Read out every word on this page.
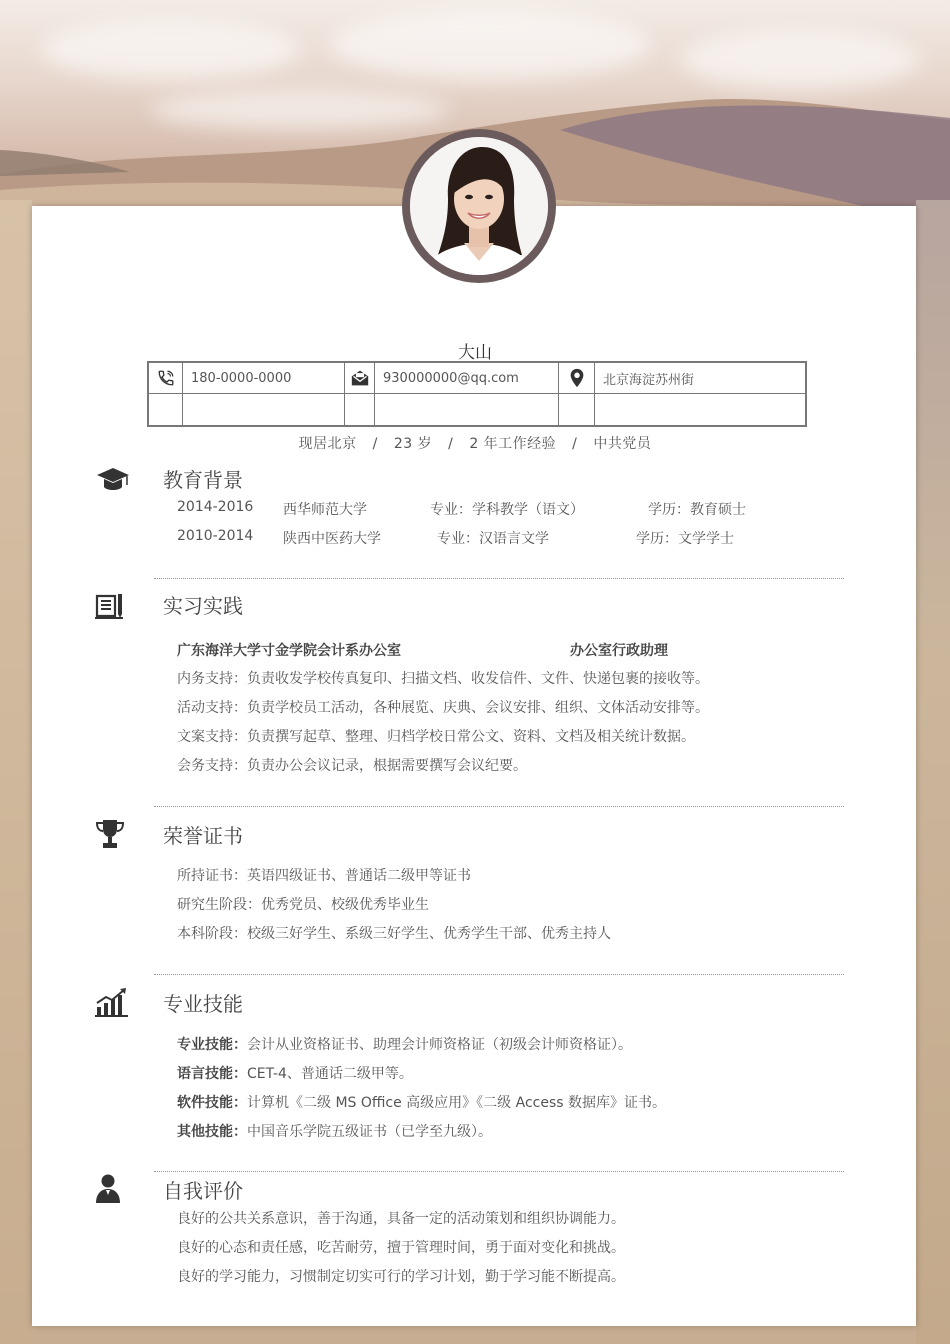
大山
180-0000-0000	930000000@qq.com	北京海淀苏州街
现居北京 / 23 岁 / 2 年工作经验 / 中共党员
教育背景
2014-2016 西华师范大学	专业：学科教学（语文）	学历：教育硕士
2010-2014 陕西中医药大学	专业：汉语言文学	学历：文学学士
实习实践
广东海洋大学寸金学院会计系办公室	办公室行政助理
内务支持：负责收发学校传真复印、扫描文档、收发信件、文件、快递包裹的接收等。
活动支持：负责学校员工活动，各种展览、庆典、会议安排、组织、文体活动安排等。
文案支持：负责撰写起草、整理、归档学校日常公文、资料、文档及相关统计数据。
会务支持：负责办公会议记录，根据需要撰写会议纪要。
荣誉证书
所持证书：英语四级证书、普通话二级甲等证书
研究生阶段：优秀党员、校级优秀毕业生
本科阶段：校级三好学生、系级三好学生、优秀学生干部、优秀主持人
专业技能
专业技能：会计从业资格证书、助理会计师资格证（初级会计师资格证）。
语言技能：CET-4、普通话二级甲等。
软件技能：计算机《二级 MS Office 高级应用》《二级 Access 数据库》证书。
其他技能：中国音乐学院五级证书（已学至九级）。
自我评价
良好的公共关系意识，善于沟通，具备一定的活动策划和组织协调能力。
良好的心态和责任感，吃苦耐劳，擅于管理时间，勇于面对变化和挑战。
良好的学习能力，习惯制定切实可行的学习计划，勤于学习能不断提高。
